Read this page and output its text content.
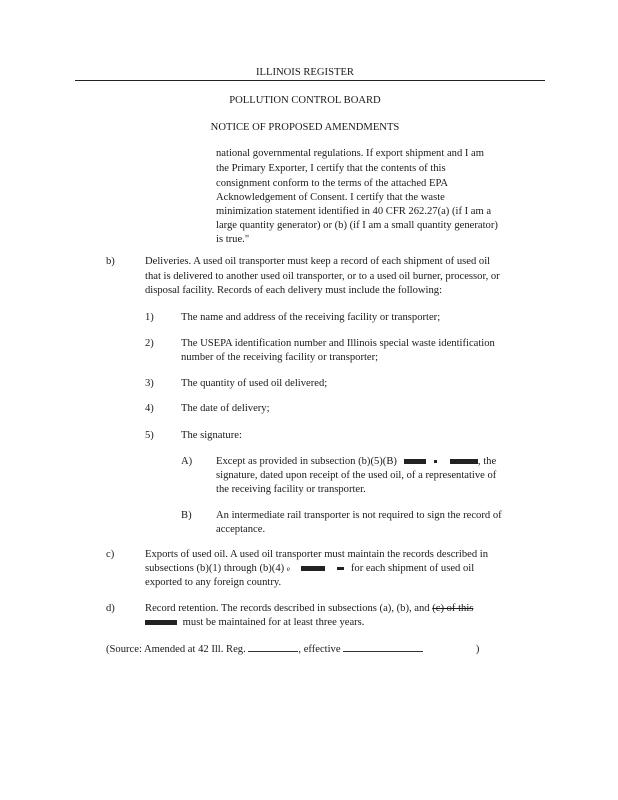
ILLINOIS REGISTER
POLLUTION CONTROL BOARD
NOTICE OF PROPOSED AMENDMENTS
national governmental regulations. If export shipment and I am
the Primary Exporter, I certify that the contents of this
consignment conform to the terms of the attached EPA
Acknowledgement of Consent. I certify that the waste
minimization statement identified in 40 CFR 262.27(a) (if I am a
large quantity generator) or (b) (if I am a small quantity generator)
is true."
b)	Deliveries. A used oil transporter must keep a record of each shipment of used oil
that is delivered to another used oil transporter, or to a used oil burner, processor, or
disposal facility. Records of each delivery must include the following:
1)	The name and address of the receiving facility or transporter;
2)	The USEPA identification number and Illinois special waste identification
number of the receiving facility or transporter;
3)	The quantity of used oil delivered;
4)	The date of delivery;
5)	The signature:
A) Except as provided in subsection (b)(5)(B)	, the
signature, dated upon receipt of the used oil, of a representative of
the receiving facility or transporter.
B) An intermediate rail transporter is not required to sign the record of
acceptance.
c)	Exports of used oil. A used oil transporter must maintain the records described in
subsections (b)(1) through (b)(4) e	for each shipment of used oil
exported to any foreign country.
d)	Record retention. The records described in subsections (a), (b), and (c) of this
must be maintained for at least three years.
(Source: Amended at 42 Ill. Reg.	, effective	)
